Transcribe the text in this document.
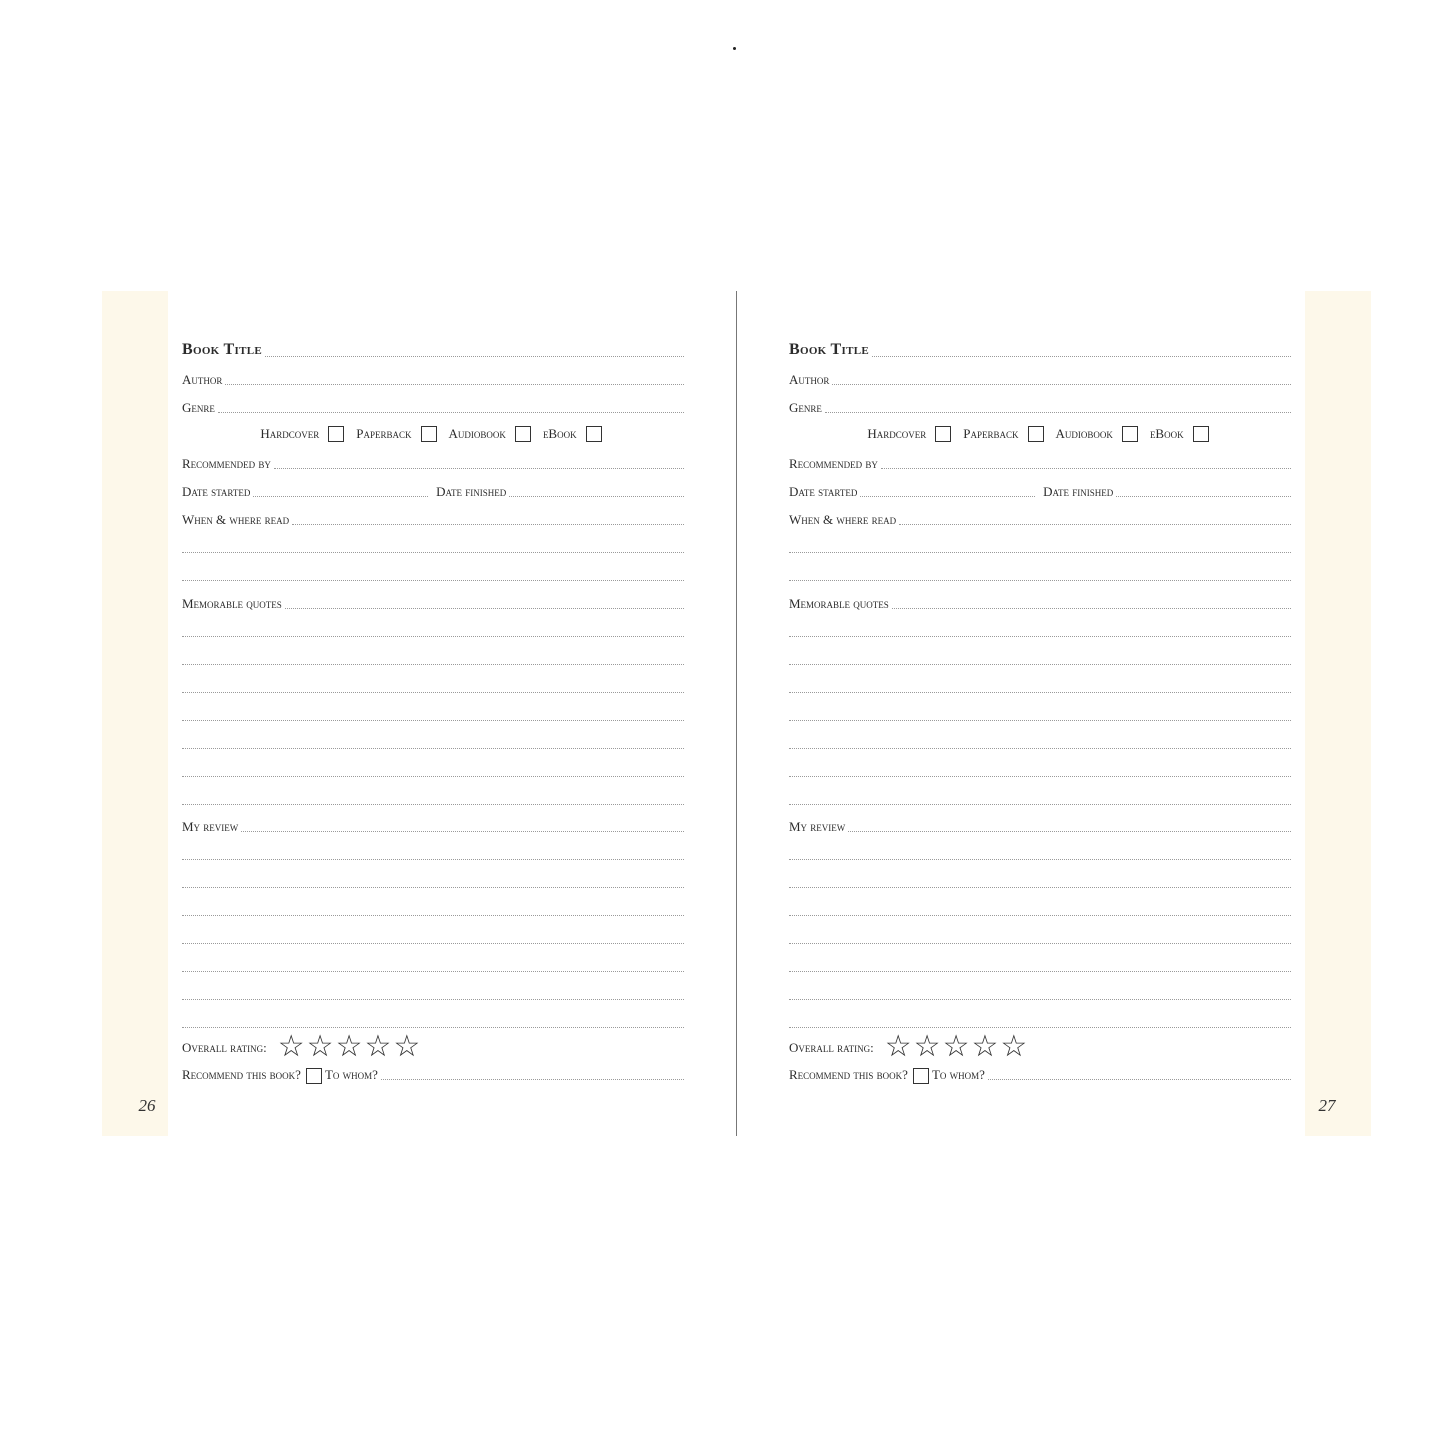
26	27
Book Title
Author
Genre
Hardcover	Paperback	Audiobook	eBook
Recommended by
Date started	Date finished
When & where read
Memorable quotes
My review
Overall rating: ☆ ☆ ☆ ☆ ☆
Recommend this book? To whom?
Book Title
Author
Genre
Hardcover	Paperback	Audiobook	eBook
Recommended by
Date started	Date finished
When & where read
Memorable quotes
My review
Overall rating: ☆ ☆ ☆ ☆ ☆
Recommend this book? To whom?
